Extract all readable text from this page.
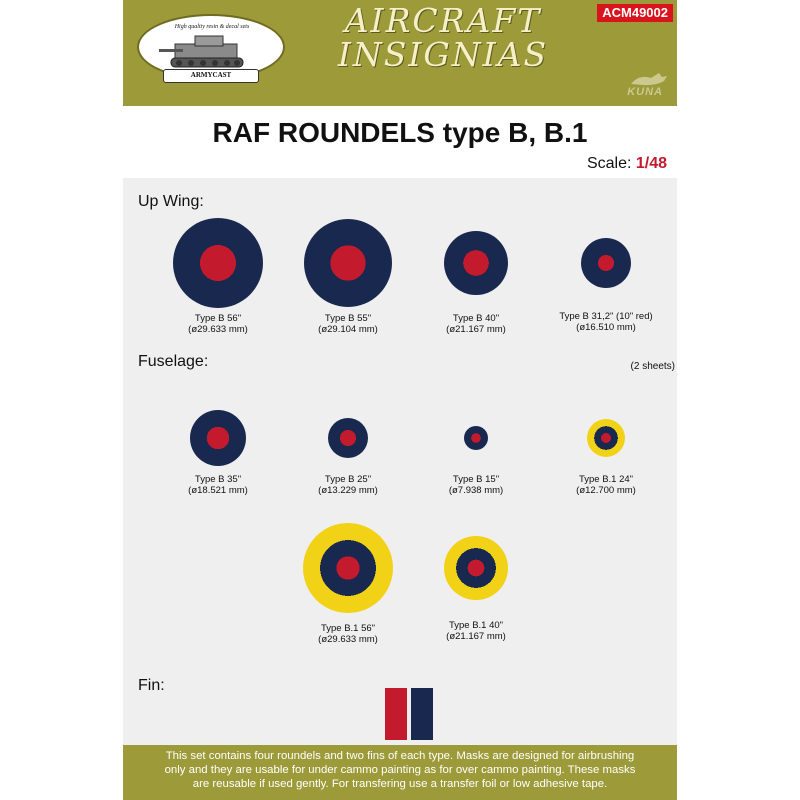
High quality resin & decal sets
ARMYCAST
AIRCRAFT
INSIGNIAS
ACM49002
KUNA
RAF ROUNDELS type B, B.1
Scale: 1/48
(2 sheets)
Up Wing:
Fuselage:
Fin:
Type B 56"
(ø29.633 mm)
Type B 55"
(ø29.104 mm)
Type B 40"
(ø21.167 mm)
Type B 31,2" (10" red)
(ø16.510 mm)
Type B 35"
(ø18.521 mm)
Type B 25"
(ø13.229 mm)
Type B 15"
(ø7.938 mm)
Type B.1 24"
(ø12.700 mm)
Type B.1 56"
(ø29.633 mm)
Type B.1 40"
(ø21.167 mm)
This set contains four roundels and two fins of each type. Masks are designed for airbrushing
only and they are usable for under cammo painting as for over cammo painting. These masks
are reusable if used gently. For transfering use a transfer foil or low adhesive tape.
